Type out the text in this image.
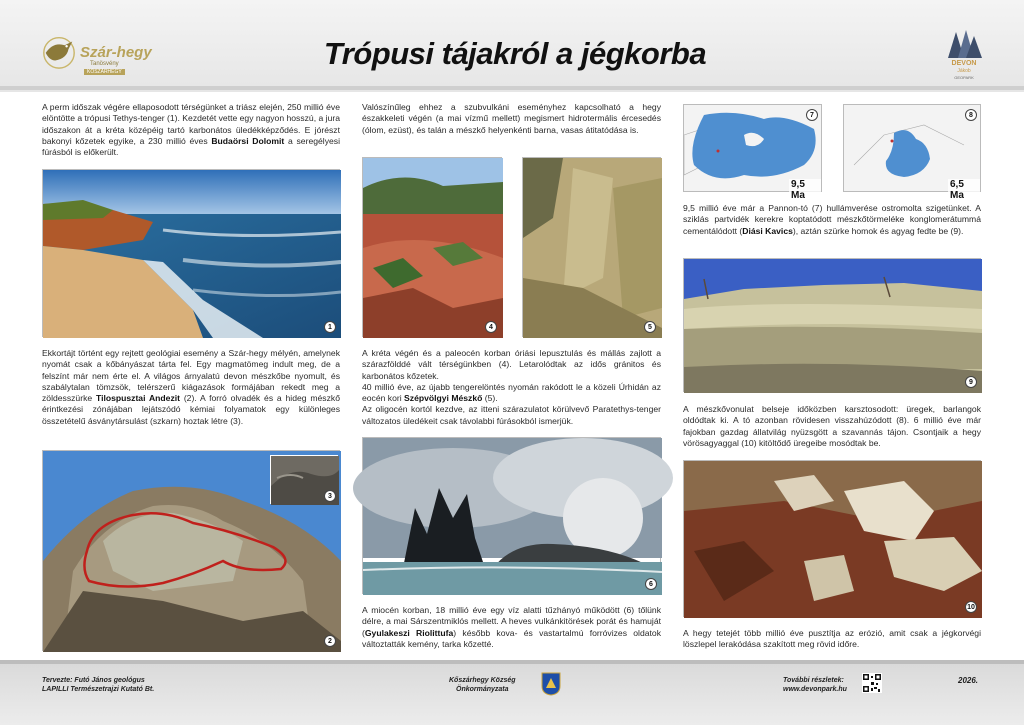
Szár-hegy
Tanösvény
KŐSZÁRHEGY
Trópusi tájakról a jégkorba	DEVON
Jákob
GEOPARK
A perm időszak végére ellaposodott térségünket a triász elején, 250 millió éve elöntötte a trópusi Tethys-tenger (1). Kezdetét vette egy nagyon hosszú, a jura időszakon át a kréta középéig tartó karbonátos üledékképződés. E jórészt bakonyi kőzetek egyike, a 230 millió éves Budaörsi Dolomit a seregélyesi fúrásból is előkerült.
1
Ekkortájt történt egy rejtett geológiai esemény a Szár-hegy mélyén, amelynek nyomát csak a kőbányászat tárta fel. Egy magmatömeg indult meg, de a felszínt már nem érte el. A világos árnyalatú devon mészkőbe nyomult, és szabálytalan tömzsök, telérszerű kiágazások formájában rekedt meg a zöldesszürke Tilospusztai Andezit (2). A forró olvadék és a hideg mészkő érintkezési zónájában lejátszódó kémiai folyamatok egy különleges összetételű ásványtársulást (szkarn) hoztak létre (3).
2
3
Valószínűleg ehhez a szubvulkáni eseményhez kapcsolható a hegy északkeleti végén (a mai vízmű mellett) megismert hidrotermális ércesedés (ólom, ezüst), és talán a mészkő helyenkénti barna, vasas átitatódása is.
4	5
A kréta végén és a paleocén korban óriási lepusztulás és mállás zajlott a szárazfölddé vált térségünkben (4). Letarolódtak az idős gránitos és karbonátos kőzetek.
40 millió éve, az újabb tengerelöntés nyomán rakódott le a közeli Úrhidán az eocén kori Szépvölgyi Mészkő (5).
Az oligocén kortól kezdve, az itteni szárazulatot körülvevő Paratethys-tenger változatos üledékeit csak távolabbi fúrásokból ismerjük.
6
A miocén korban, 18 millió éve egy víz alatti tűzhányó működött (6) tőlünk délre, a mai Sárszentmiklós mellett. A heves vulkánkitörések porát és hamuját (Gyulakeszi Riolittufa) később kova- és vastartalmú forróvizes oldatok változtatták kemény, tarka kőzetté.
7
9,5 Ma
8
6,5 Ma
9,5 millió éve már a Pannon-tó (7) hullámverése ostromolta szigetünket. A sziklás partvidék kerekre koptatódott mészkőtörmeléke konglomerátummá cementálódott (Diási Kavics), aztán szürke homok és agyag fedte be (9).
9
A mészkővonulat belseje időközben karsztosodott: üregek, barlangok oldódtak ki. A tó azonban rövidesen visszahúzódott (8). 6 millió éve már fajokban gazdag állatvilág nyüzsgött a szavannás tájon. Csontjaik a hegy vörösagyaggal (10) kitöltődő üregeibe mosódtak be.
10
A hegy tetejét több millió éve pusztítja az erózió, amit csak a jégkorvégi löszlepel lerakódása szakított meg rövid időre.
Tervezte: Futó János geológus
LAPILLI Természetrajzi Kutató Bt.
Kőszárhegy Község
Önkormányzata
További részletek:
www.devonpark.hu
2026.
